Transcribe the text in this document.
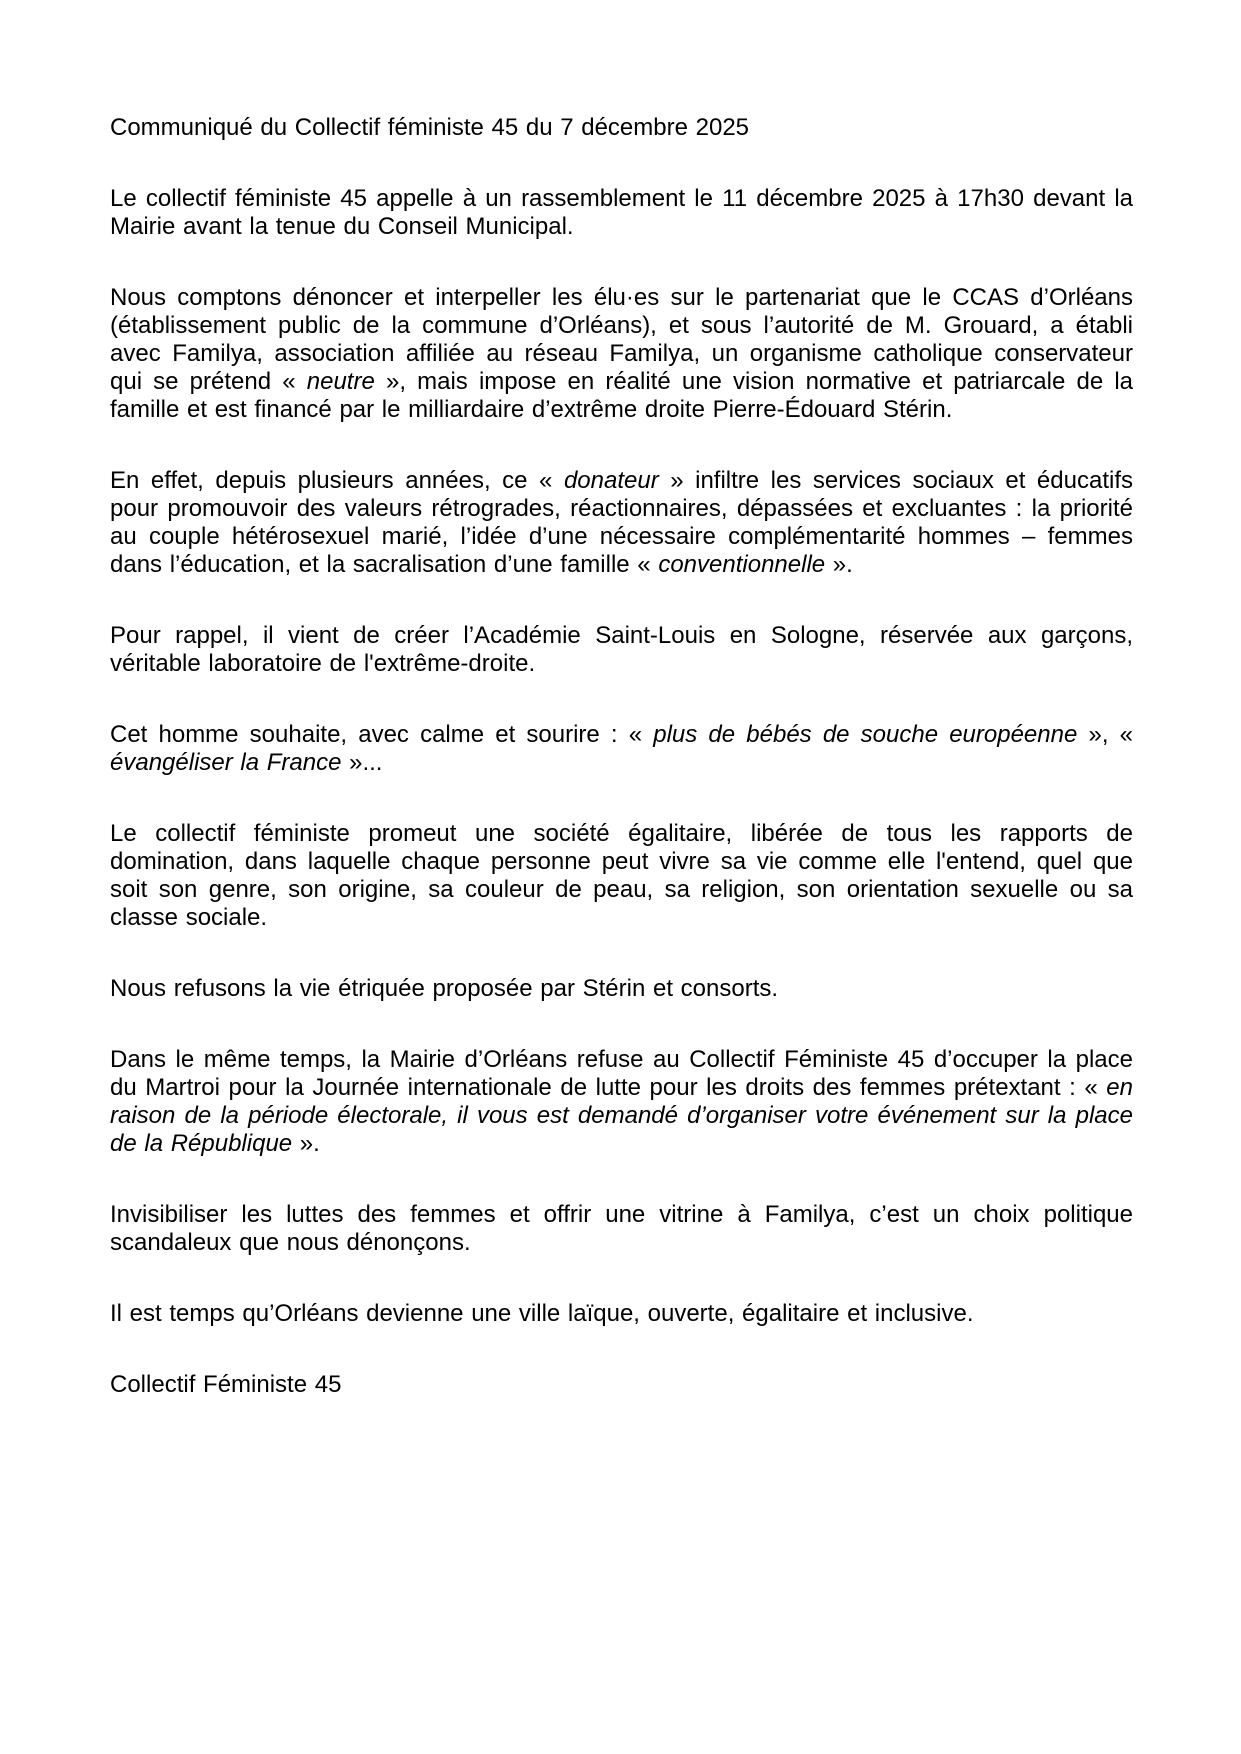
Communiqué du Collectif féministe 45 du 7 décembre 2025

Le collectif féministe 45 appelle à un rassemblement le 11 décembre 2025 à 17h30 devant la Mairie avant la tenue du Conseil Municipal.

Nous comptons dénoncer et interpeller les élu·es sur le partenariat que le CCAS d’Orléans (établissement public de la commune d’Orléans), et sous l’autorité de M. Grouard, a établi avec Familya, association affiliée au réseau Familya, un organisme catholique conservateur qui se prétend « neutre », mais impose en réalité une vision normative et patriarcale de la famille et est financé par le milliardaire d’extrême droite Pierre-Édouard Stérin.

En effet, depuis plusieurs années, ce « donateur » infiltre les services sociaux et éducatifs pour promouvoir des valeurs rétrogrades, réactionnaires, dépassées et excluantes : la priorité au couple hétérosexuel marié, l’idée d’une nécessaire complémentarité hommes – femmes dans l’éducation, et la sacralisation d’une famille « conventionnelle ».

Pour rappel, il vient de créer l’Académie Saint-Louis en Sologne, réservée aux garçons, véritable laboratoire de l'extrême-droite.

Cet homme souhaite, avec calme et sourire : « plus de bébés de souche européenne », « évangéliser la France »...

Le collectif féministe promeut une société égalitaire, libérée de tous les rapports de domination, dans laquelle chaque personne peut vivre sa vie comme elle l'entend, quel que soit son genre, son origine, sa couleur de peau, sa religion, son orientation sexuelle ou sa classe sociale.

Nous refusons la vie étriquée proposée par Stérin et consorts.

Dans le même temps, la Mairie d’Orléans refuse au Collectif Féministe 45 d’occuper la place du Martroi pour la Journée internationale de lutte pour les droits des femmes prétextant : « en raison de la période électorale, il vous est demandé d’organiser votre événement sur la place de la République ».

Invisibiliser les luttes des femmes et offrir une vitrine à Familya, c’est un choix politique scandaleux que nous dénonçons.

Il est temps qu’Orléans devienne une ville laïque, ouverte, égalitaire et inclusive.

Collectif Féministe 45
